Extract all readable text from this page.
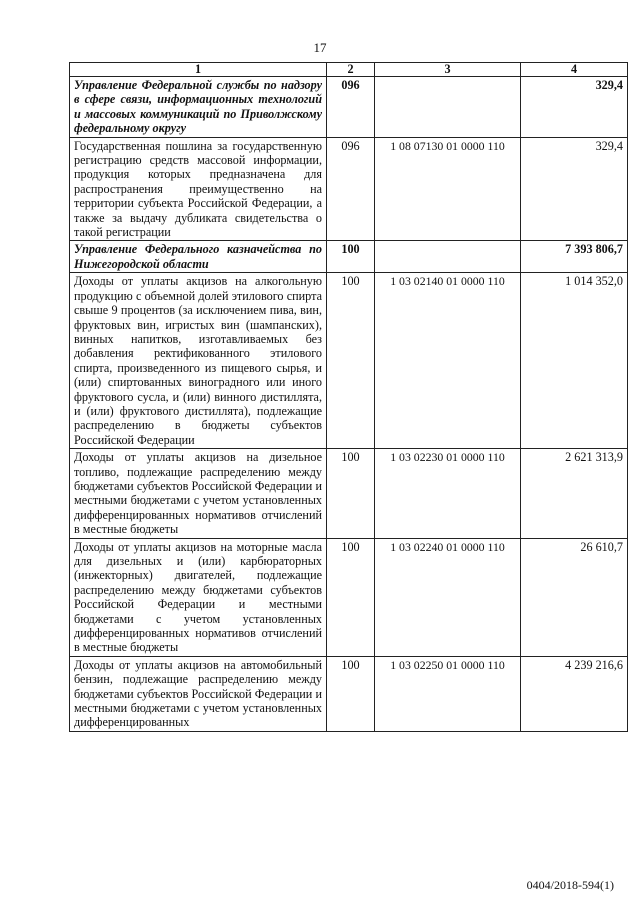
17
1	2	3	4
Управление Федеральной службы по надзору в сфере связи, информационных технологий и массовых коммуникаций по Приволжскому федеральному округу	096		329,4
Государственная пошлина за государственную регистрацию средств массовой информации, продукция которых предназначена для распространения преимущественно на территории субъекта Российской Федерации, а также за выдачу дубликата свидетельства о такой регистрации	096	1 08 07130 01 0000 110	329,4
Управление Федерального казначейства по Нижегородской области	100		7 393 806,7
Доходы от уплаты акцизов на алкогольную продукцию с объемной долей этилового спирта свыше 9 процентов (за исключением пива, вин, фруктовых вин, игристых вин (шампанских), винных напитков, изготавливаемых без добавления ректификованного этилового спирта, произведенного из пищевого сырья, и (или) спиртованных виноградного или иного фруктового сусла, и (или) винного дистиллята, и (или) фруктового дистиллята), подлежащие распределению в бюджеты субъектов Российской Федерации	100	1 03 02140 01 0000 110	1 014 352,0
Доходы от уплаты акцизов на дизельное топливо, подлежащие распределению между бюджетами субъектов Российской Федерации и местными бюджетами с учетом установленных дифференцированных нормативов отчислений в местные бюджеты	100	1 03 02230 01 0000 110	2 621 313,9
Доходы от уплаты акцизов на моторные масла для дизельных и (или) карбюраторных (инжекторных) двигателей, подлежащие распределению между бюджетами субъектов Российской Федерации и местными бюджетами с учетом установленных дифференцированных нормативов отчислений в местные бюджеты	100	1 03 02240 01 0000 110	26 610,7
Доходы от уплаты акцизов на автомобильный бензин, подлежащие распределению между бюджетами субъектов Российской Федерации и местными бюджетами с учетом установленных дифференцированных	100	1 03 02250 01 0000 110	4 239 216,6
0404/2018-594(1)
